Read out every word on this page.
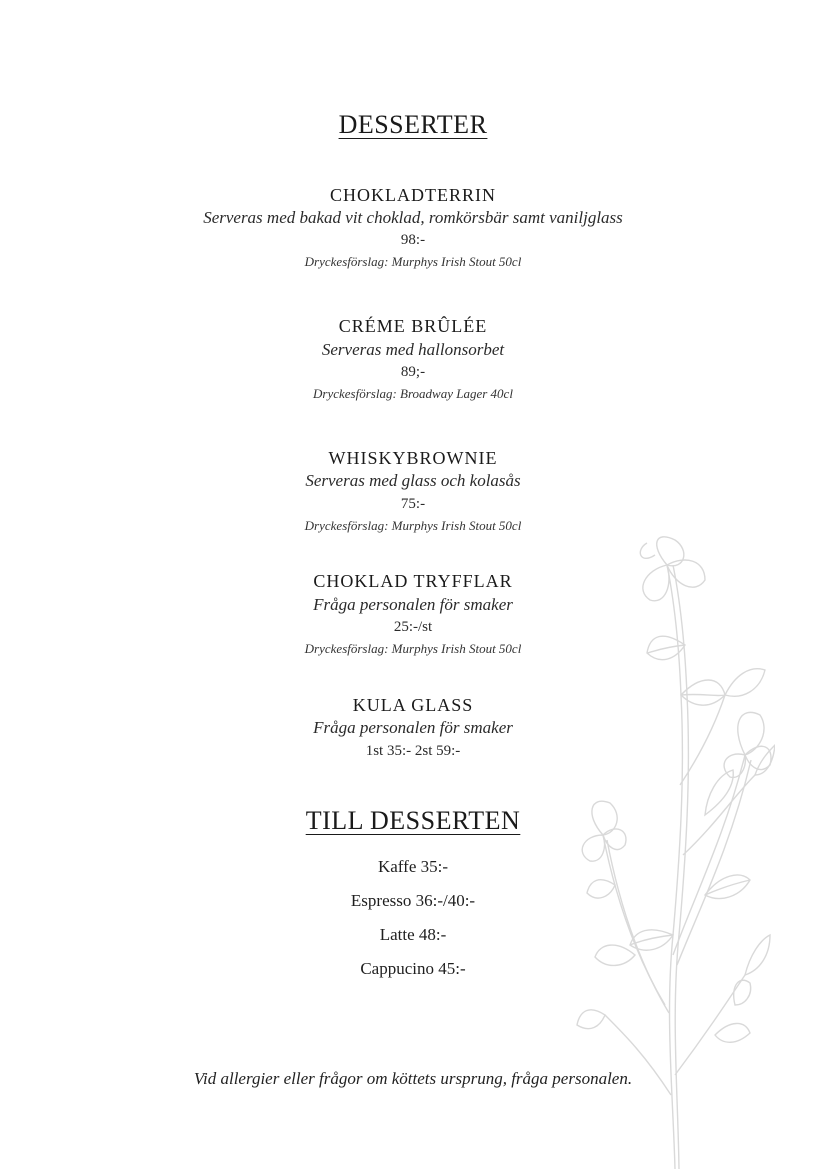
DESSERTER
CHOKLADTERRIN
Serveras med bakad vit choklad, romkörsbär samt vaniljglass
98:-
Dryckesförslag: Murphys Irish Stout 50cl
CRÉME BRÛLÉE
Serveras med hallonsorbet
89;-
Dryckesförslag: Broadway Lager 40cl
WHISKYBROWNIE
Serveras med glass och kolasås
75:-
Dryckesförslag: Murphys Irish Stout 50cl
CHOKLAD TRYFFLAR
Fråga personalen för smaker
25:-/st
Dryckesförslag: Murphys Irish Stout 50cl
KULA GLASS
Fråga personalen för smaker
1st 35:- 2st 59:-
TILL DESSERTEN
Kaffe 35:-
Espresso 36:-/40:-
Latte 48:-
Cappucino 45:-
Vid allergier eller frågor om köttets ursprung, fråga personalen.
